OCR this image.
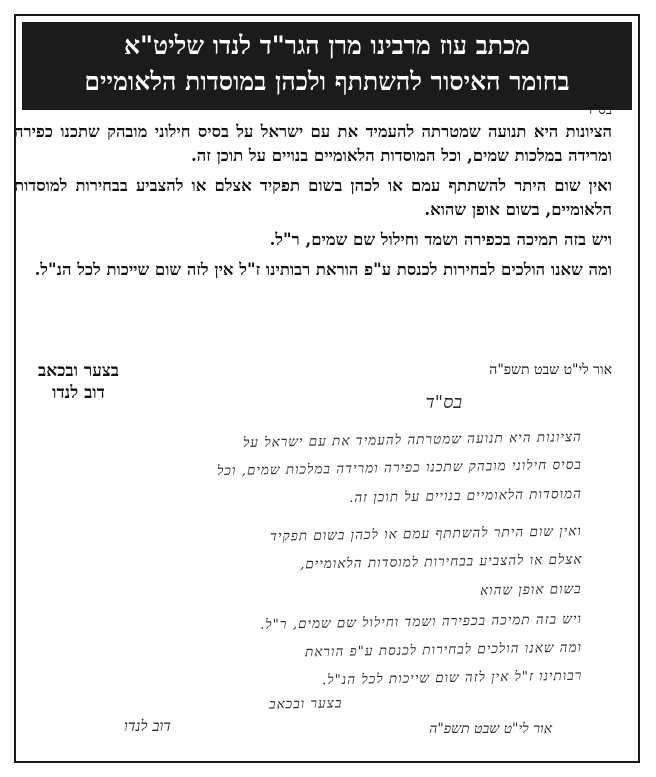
מכתב עוז מרבינו מרן הגר"ד לנדו שליט"א
בחומר האיסור להשתתף ולכהן במוסדות הלאומיים
בס"ד

הציונות היא תנועה שמטרתה להעמיד את עם ישראל על בסיס חילוני מובהק שתכנו כפירה ומרידה במלכות שמים, וכל המוסדות הלאומיים בנויים על תוכן זה.

ואין שום היתר להשתתף עמם או לכהן בשום תפקיד אצלם או להצביע בבחירות למוסדות הלאומיים, בשום אופן שהוא.

ויש בזה תמיכה בכפירה ושמד וחילול שם שמים, ר"ל.

ומה שאנו הולכים לבחירות לכנסת ע"פ הוראת רבותינו ז"ל אין לזה שום שייכות לכל הנ"ל.

אור לי"ט שבט תשפ"ה
בצער ובכאב
דוב לנדו	בס"ד
הציונות היא תנועה שמטרתה להעמיד את עם ישראל על
בסיס חילוני מובהק שתכנו כפירה ומרידה במלכות שמים, וכל
המוסדות הלאומיים בנויים על תוכן זה.
ואין שום היתר להשתתף עמם או לכהן בשום תפקיד
אצלם או להצביע בבחירות למוסדות הלאומיים,
בשום אופן שהוא
ויש בזה תמיכה בכפירה ושמד וחילול שם שמים, ר"ל.
ומה שאנו הולכים לבחירות לכנסת ע"פ הוראת
רבותינו ז"ל אין לזה שום שייכות לכל הנ"ל.
בצער ובכאב
אור לי"ט שבט תשפ"ה
דוב לנדו
